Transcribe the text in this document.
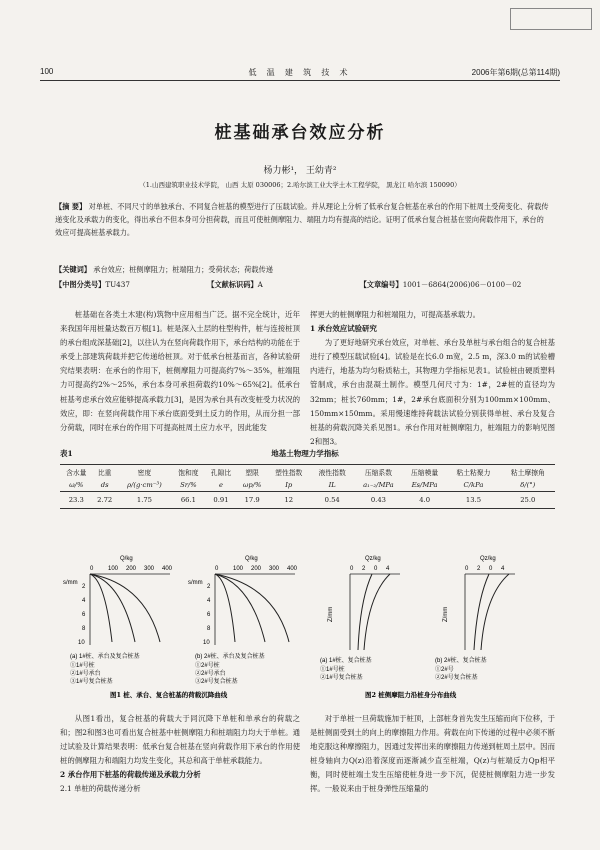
100	低 温 建 筑 技 术	2006年第6期(总第114期)
桩基础承台效应分析
杨力彬¹， 王幼青²
（1.山西建筑职业技术学院， 山西 太原 030006；2.哈尔滨工业大学土木工程学院， 黑龙江 哈尔滨 150090）
【摘 要】 对单桩、不同尺寸的单独承台、不同复合桩基的模型进行了压载试验。并从理论上分析了低承台复合桩基在承台的作用下桩周土受荷变化、荷载传递变化及承载力的变化，得出承台不但本身可分担荷载，而且可使桩侧摩阻力、端阻力均有提高的结论。证明了低承台复合桩基在竖向荷载作用下，承台的效应可提高桩基承载力。
【关键词】 承台效应；桩侧摩阻力；桩端阻力；受荷状态；荷载传递
【中图分类号】TU437	【文献标识码】A	【文章编号】1001－6864(2006)06－0100－02

桩基础在各类土木建(构)筑物中应用相当广泛。据不完全统计，近年来我国年用桩量达数百万根[1]。桩是深入土层的柱型构件，桩与连接桩顶的承台组成深基础[2]，以往认为在竖向荷载作用下，承台结构的功能在于承受上部建筑荷载并把它传递给桩顶。对于低承台桩基而言，各种试验研究结果表明：在承台的作用下，桩侧摩阻力可提高约7%～35%，桩端阻力可提高约2%～25%，承台本身可承担荷载约10%～65%[2]。低承台桩基考虑承台效应能够提高承载力[3]，是因为承台具有改变桩受力状况的效应，即：在竖向荷载作用下承台底面受到土反力的作用，从而分担一部分荷载，同时在承台的作用下可提高桩周土应力水平，因此能发

挥更大的桩侧摩阻力和桩端阻力，可提高基承载力。

1 承台效应试验研究

为了更好地研究承台效应，对单桩、承台及单桩与承台组合的复合桩基进行了模型压载试验[4]。试验是在长6.0 m宽，2.5 m，深3.0 m的试验槽内进行，地基为均匀粉质粘土，其物理力学指标见表1。试验桩由硬质塑料管制成，承台由混凝土制作。模型几何尺寸为：1#，2#桩的直径均为32mm；桩长760mm；1#，2#承台底面积分别为100mm×100mm、150mm×150mm。采用慢速维持荷载法试验分别获得单桩、承台及复合桩基的荷载沉降关系见图1。承台作用对桩侧摩阻力，桩端阻力的影响见图2和图3。

表1	地基土物理力学指标
含水量	比重	密度	饱和度	孔隙比	塑限	塑性指数	液性指数	压缩系数	压缩模量	粘土粘聚力	粘土摩擦角
ω/%	ds	ρ/(g·cm⁻³)	Sr/%	e	ωp/%	Ip	IL	a₁₋₂/MPa	Es/MPa	C/kPa	δ/(°)
23.3	2.72	1.75	66.1	0.91	17.9	12	0.54	0.43	4.0	13.5	25.0
Q/kg
0 100 200 300 400
s/mm
2
4
6
8
10
(a) 1#桩、承台及复合桩基
①1#号桩
②1#号承台
③1#号复合桩基
Q/kg
0 100 200 300 400
s/mm
2
4
6
8
10
(b) 2#桩、承台及复合桩基
①2#号桩
②2#号承台
③2#号复合桩基
图1 桩、承台、复合桩基的荷载沉降曲线
Qz/kg
0 2 0 4
Z/mm
(a) 1#桩、复合桩基
①1#号桩
②1#号复合桩基
Qz/kg
0 2 0 4
Z/mm
(b) 2#桩、复合桩基
①2#号
②2#号复合桩基
图2 桩侧摩阻力沿桩身分布曲线

从图1看出，复合桩基的荷载大于同沉降下单桩和单承台的荷载之和；图2和图3也可看出复合桩基中桩侧摩阻力和桩端阻力均大于单桩。通过试验及计算结果表明：低承台复合桩基在竖向荷载作用下承台的作用使桩的侧摩阻力和端阻力均发生变化，其总和高于单桩承载能力。

2 承台作用下桩基的荷载传递及承载力分析

2.1 单桩的荷载传递分析

对于单桩一旦荷载施加于桩顶，上部桩身首先发生压缩而向下位移，于是桩侧面受到土的向上的摩擦阻力作用。荷载在向下传递的过程中必须不断地克服这种摩擦阻力，因通过发挥出来的摩擦阻力传递到桩周土层中。因而桩身轴向力Q(z)沿着深度而逐渐减少直至桩端，Q(z)与桩端反力Qp相平衡，同时使桩端土发生压缩使桩身进一步下沉，促使桩侧摩阻力进一步发挥。一般说来由于桩身弹性压缩量的
